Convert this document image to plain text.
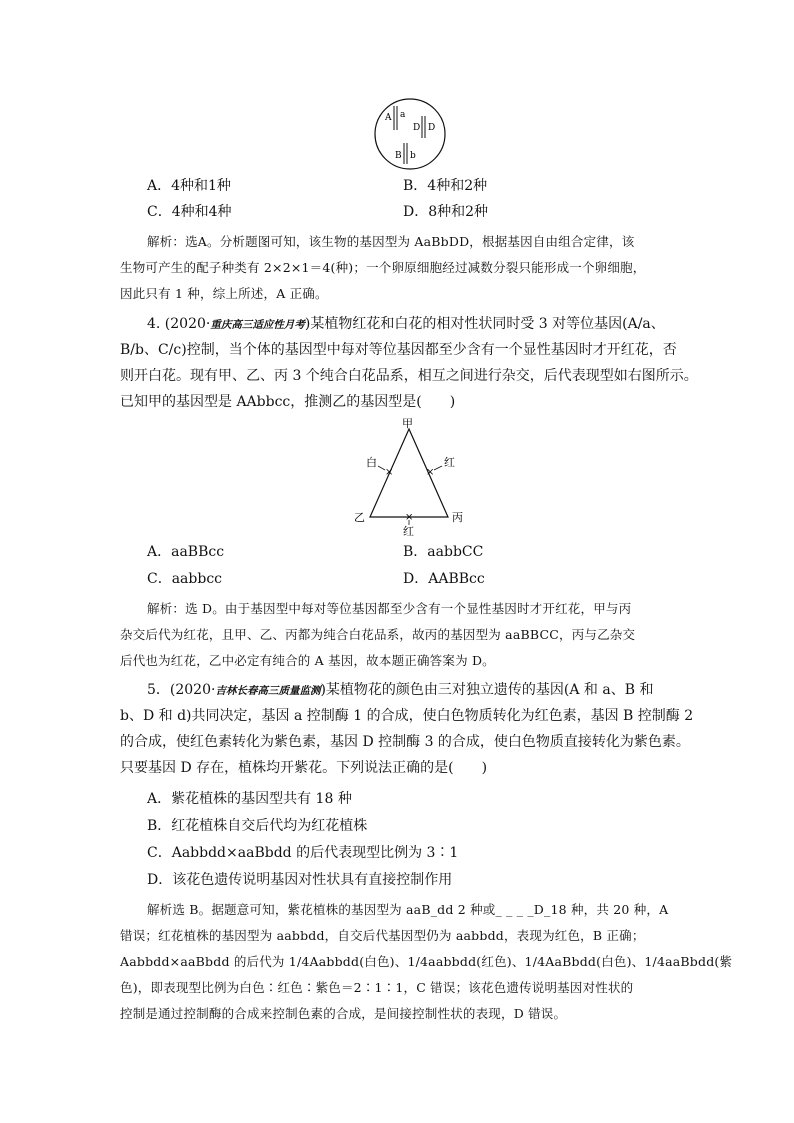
A a
D D
B b
A．4种和1种	B．4种和2种
C．4种和4种	D．8种和2种
解析：选A。分析题图可知，该生物的基因型为 AaBbDD，根据基因自由组合定律，该
生物可产生的配子种类有 2×2×1＝4(种)；一个卵原细胞经过减数分裂只能形成一个卵细胞，
因此只有 1 种，综上所述，A 正确。
4. (2020·重庆高三适应性月考)某植物红花和白花的相对性状同时受 3 对等位基因(A/a、
B/b、C/c)控制，当个体的基因型中每对等位基因都至少含有一个显性基因时才开红花，否
则开白花。现有甲、乙、丙 3 个纯合白花品系，相互之间进行杂交，后代表现型如右图所示。
已知甲的基因型是 AAbbcc，推测乙的基因型是(　　)
甲
乙	丙
×	×
×
白	红
红
A．aaBBcc	B．aabbCC
C．aabbcc	D．AABBcc
解析：选 D。由于基因型中每对等位基因都至少含有一个显性基因时才开红花，甲与丙
杂交后代为红花，且甲、乙、丙都为纯合白花品系，故丙的基因型为 aaBBCC，丙与乙杂交
后代也为红花，乙中必定有纯合的 A 基因，故本题正确答案为 D。
5．(2020·吉林长春高三质量监测)某植物花的颜色由三对独立遗传的基因(A 和 a、B 和
b、D 和 d)共同决定，基因 a 控制酶 1 的合成，使白色物质转化为红色素，基因 B 控制酶 2
的合成，使红色素转化为紫色素，基因 D 控制酶 3 的合成，使白色物质直接转化为紫色素。
只要基因 D 存在，植株均开紫花。下列说法正确的是(　　)
A．紫花植株的基因型共有 18 种
B．红花植株自交后代均为红花植株
C．Aabbdd×aaBbdd 的后代表现型比例为 3∶1
D．该花色遗传说明基因对性状具有直接控制作用
解析选 B。据题意可知，紫花植株的基因型为 aaB_dd 2 种或_ _ _ _D_18 种，共 20 种，A
错误；红花植株的基因型为 aabbdd，自交后代基因型仍为 aabbdd，表现为红色，B 正确；
Aabbdd×aaBbdd 的后代为 1/4Aabbdd(白色)、1/4aabbdd(红色)、1/4AaBbdd(白色)、1/4aaBbdd(紫
色)，即表现型比例为白色∶红色∶紫色＝2∶1∶1，C 错误；该花色遗传说明基因对性状的
控制是通过控制酶的合成来控制色素的合成，是间接控制性状的表现，D 错误。
